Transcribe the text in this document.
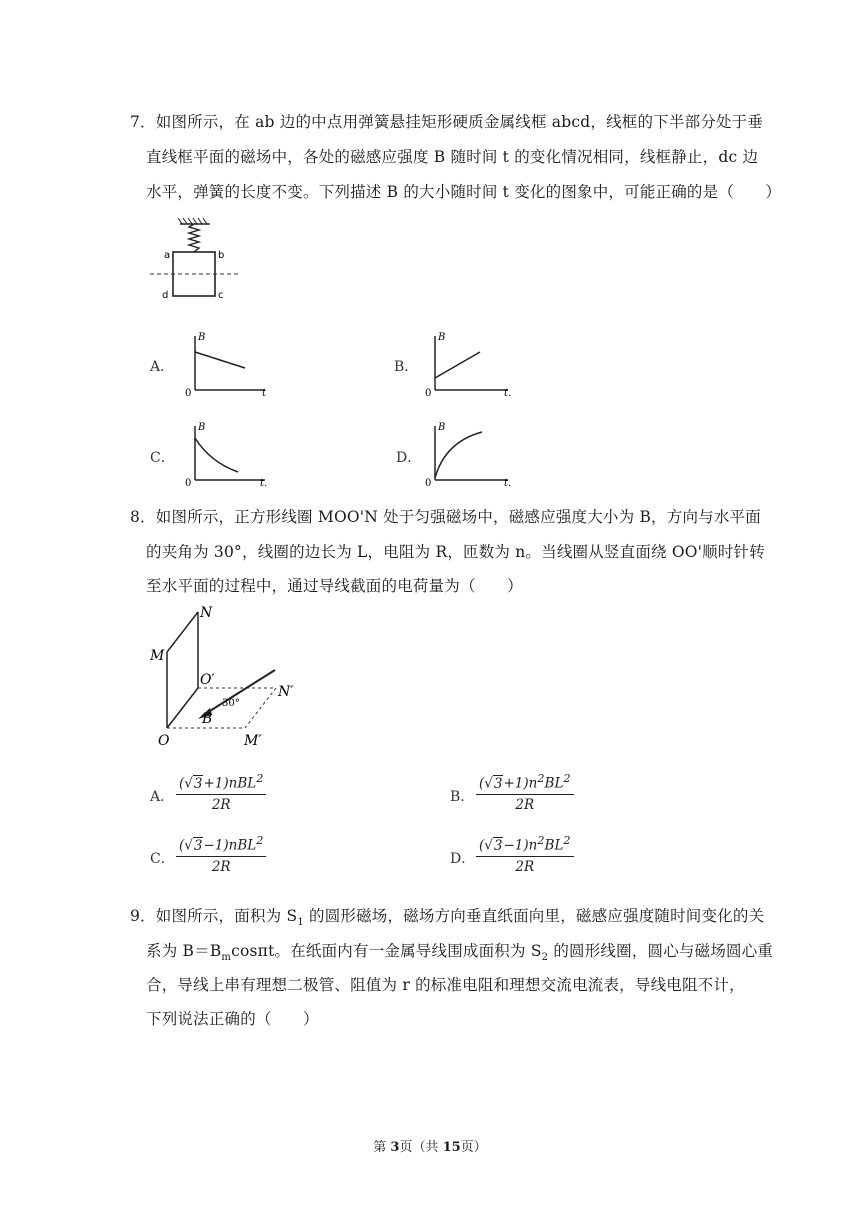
7．如图所示，在 ab 边的中点用弹簧悬挂矩形硬质金属线框 abcd，线框的下半部分处于垂
直线框平面的磁场中，各处的磁感应强度 B 随时间 t 的变化情况相同，线框静止，dc 边
水平，弹簧的长度不变。下列描述 B 的大小随时间 t 变化的图象中，可能正确的是（　　）
a	b
c
d
A．
B
0	t
B．
B
0	t.
C．
B
0	t.
D．
B
0	t.
8．如图所示，正方形线圈 MOO'N 处于匀强磁场中，磁感应强度大小为 B，方向与水平面
的夹角为 30°，线圈的边长为 L，电阻为 R，匝数为 n。当线圈从竖直面绕 OO'顺时针转
至水平面的过程中，通过导线截面的电荷量为（　　）
N
M
O′
N′
30°
B
O	M′
A．
(√3+1)nBL$^2$
2R	B．
$(√3+1)n^2BL^2$
2R
C．
(√3−1)nBL$^2$
2R	D．
$(√3-1)n^2BL^2$
2R
9．如图所示，面积为 $S_1$ 的圆形磁场，磁场方向垂直纸面向里，磁感应强度随时间变化的关
系为 $B=B_m\cos\pi t$。在纸面内有一金属导线围成面积为 $S_2$ 的圆形线圈，圆心与磁场圆心重
合，导线上串有理想二极管、阻值为 r 的标准电阻和理想交流电流表，导线电阻不计，
下列说法正确的（　　）
第 3页（共 15页）
